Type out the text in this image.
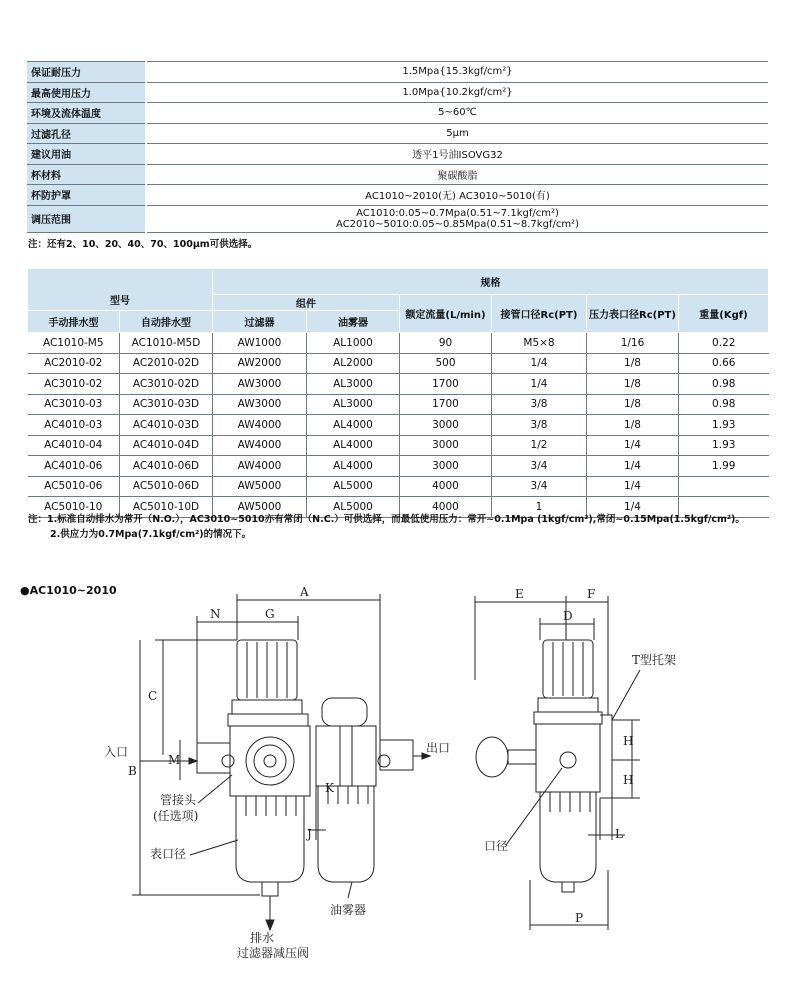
保证耐压力	1.5Mpa{15.3kgf/cm²}
最高使用压力	1.0Mpa{10.2kgf/cm²}
环境及流体温度	5~60℃
过滤孔径	5μm
建议用油	透平1号油ISOVG32
杯材料	聚碳酸脂
杯防护罩	AC1010~2010(无) AC3010~5010(有)
调压范围	AC1010:0.05~0.7Mpa(0.51~7.1kgf/cm²)
AC2010~5010:0.05~0.85Mpa(0.51~8.7kgf/cm²)
注：还有2、10、20、40、70、100μm可供选择。
型号		规格					
		组件		额定流量(L/min)	接管口径Rc(PT)	压力表口径Rc(PT)	重量(Kgf)
手动排水型	自动排水型	过滤器	油雾器				
AC1010-M5	AC1010-M5D	AW1000	AL1000	90	M5×8	1/16	0.22
AC2010-02	AC2010-02D	AW2000	AL2000	500	1/4	1/8	0.66
AC3010-02	AC3010-02D	AW3000	AL3000	1700	1/4	1/8	0.98
AC3010-03	AC3010-03D	AW3000	AL3000	1700	3/8	1/8	0.98
AC4010-03	AC4010-03D	AW4000	AL4000	3000	3/8	1/8	1.93
AC4010-04	AC4010-04D	AW4000	AL4000	3000	1/2	1/4	1.93
AC4010-06	AC4010-06D	AW4000	AL4000	3000	3/4	1/4	1.99
AC5010-06	AC5010-06D	AW5000	AL5000	4000	3/4	1/4	
AC5010-10	AC5010-10D	AW5000	AL5000	4000	1	1/4	
注：1.标准自动排水为常开（N.O.），AC3010~5010亦有常闭（N.C.）可供选择，而最低使用压力：常开~0.1Mpa (1kgf/cm²),常闭~0.15Mpa(1.5kgf/cm²)。
2.供应力为0.7Mpa(7.1kgf/cm²)的情况下。
●AC1010~2010	A
N	G
C
B
M
K
J
E	F
D
H
H
L
P
入口	出口
管接头
(任选项)
表口径
排水
过滤器减压阀
油雾器
T型托架
口径
